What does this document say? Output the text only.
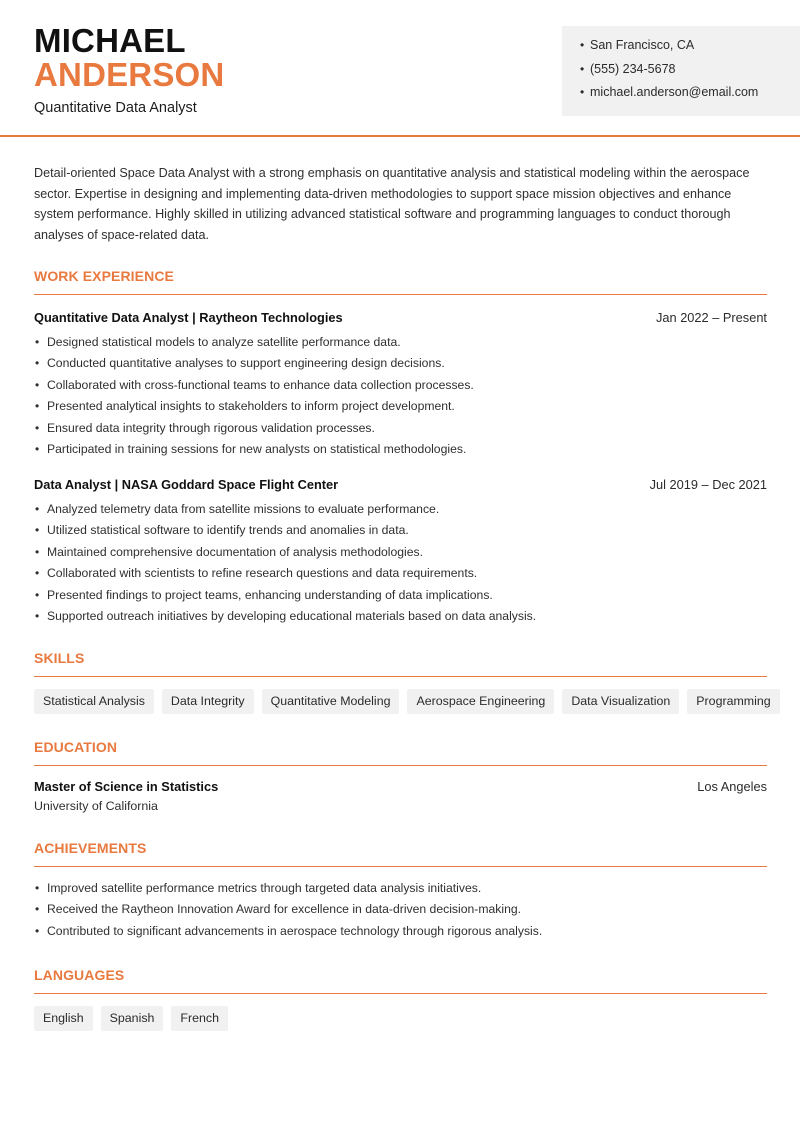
MICHAEL
ANDERSON
Quantitative Data Analyst
• San Francisco, CA
• (555) 234-5678
• michael.anderson@email.com

Detail-oriented Space Data Analyst with a strong emphasis on quantitative analysis and statistical modeling within the aerospace sector. Expertise in designing and implementing data-driven methodologies to support space mission objectives and enhance system performance. Highly skilled in utilizing advanced statistical software and programming languages to conduct thorough analyses of space-related data.

WORK EXPERIENCE
Quantitative Data Analyst | Raytheon Technologies	Jan 2022 – Present
• Designed statistical models to analyze satellite performance data.
• Conducted quantitative analyses to support engineering design decisions.
• Collaborated with cross-functional teams to enhance data collection processes.
• Presented analytical insights to stakeholders to inform project development.
• Ensured data integrity through rigorous validation processes.
• Participated in training sessions for new analysts on statistical methodologies.
Data Analyst | NASA Goddard Space Flight Center	Jul 2019 – Dec 2021
• Analyzed telemetry data from satellite missions to evaluate performance.
• Utilized statistical software to identify trends and anomalies in data.
• Maintained comprehensive documentation of analysis methodologies.
• Collaborated with scientists to refine research questions and data requirements.
• Presented findings to project teams, enhancing understanding of data implications.
• Supported outreach initiatives by developing educational materials based on data analysis.
SKILLS
Statistical Analysis	Data Integrity	Quantitative Modeling	Aerospace Engineering	Data Visualization	Programming
EDUCATION
Master of Science in Statistics	Los Angeles
University of California
ACHIEVEMENTS
• Improved satellite performance metrics through targeted data analysis initiatives.
• Received the Raytheon Innovation Award for excellence in data-driven decision-making.
• Contributed to significant advancements in aerospace technology through rigorous analysis.
LANGUAGES
English	Spanish	French
